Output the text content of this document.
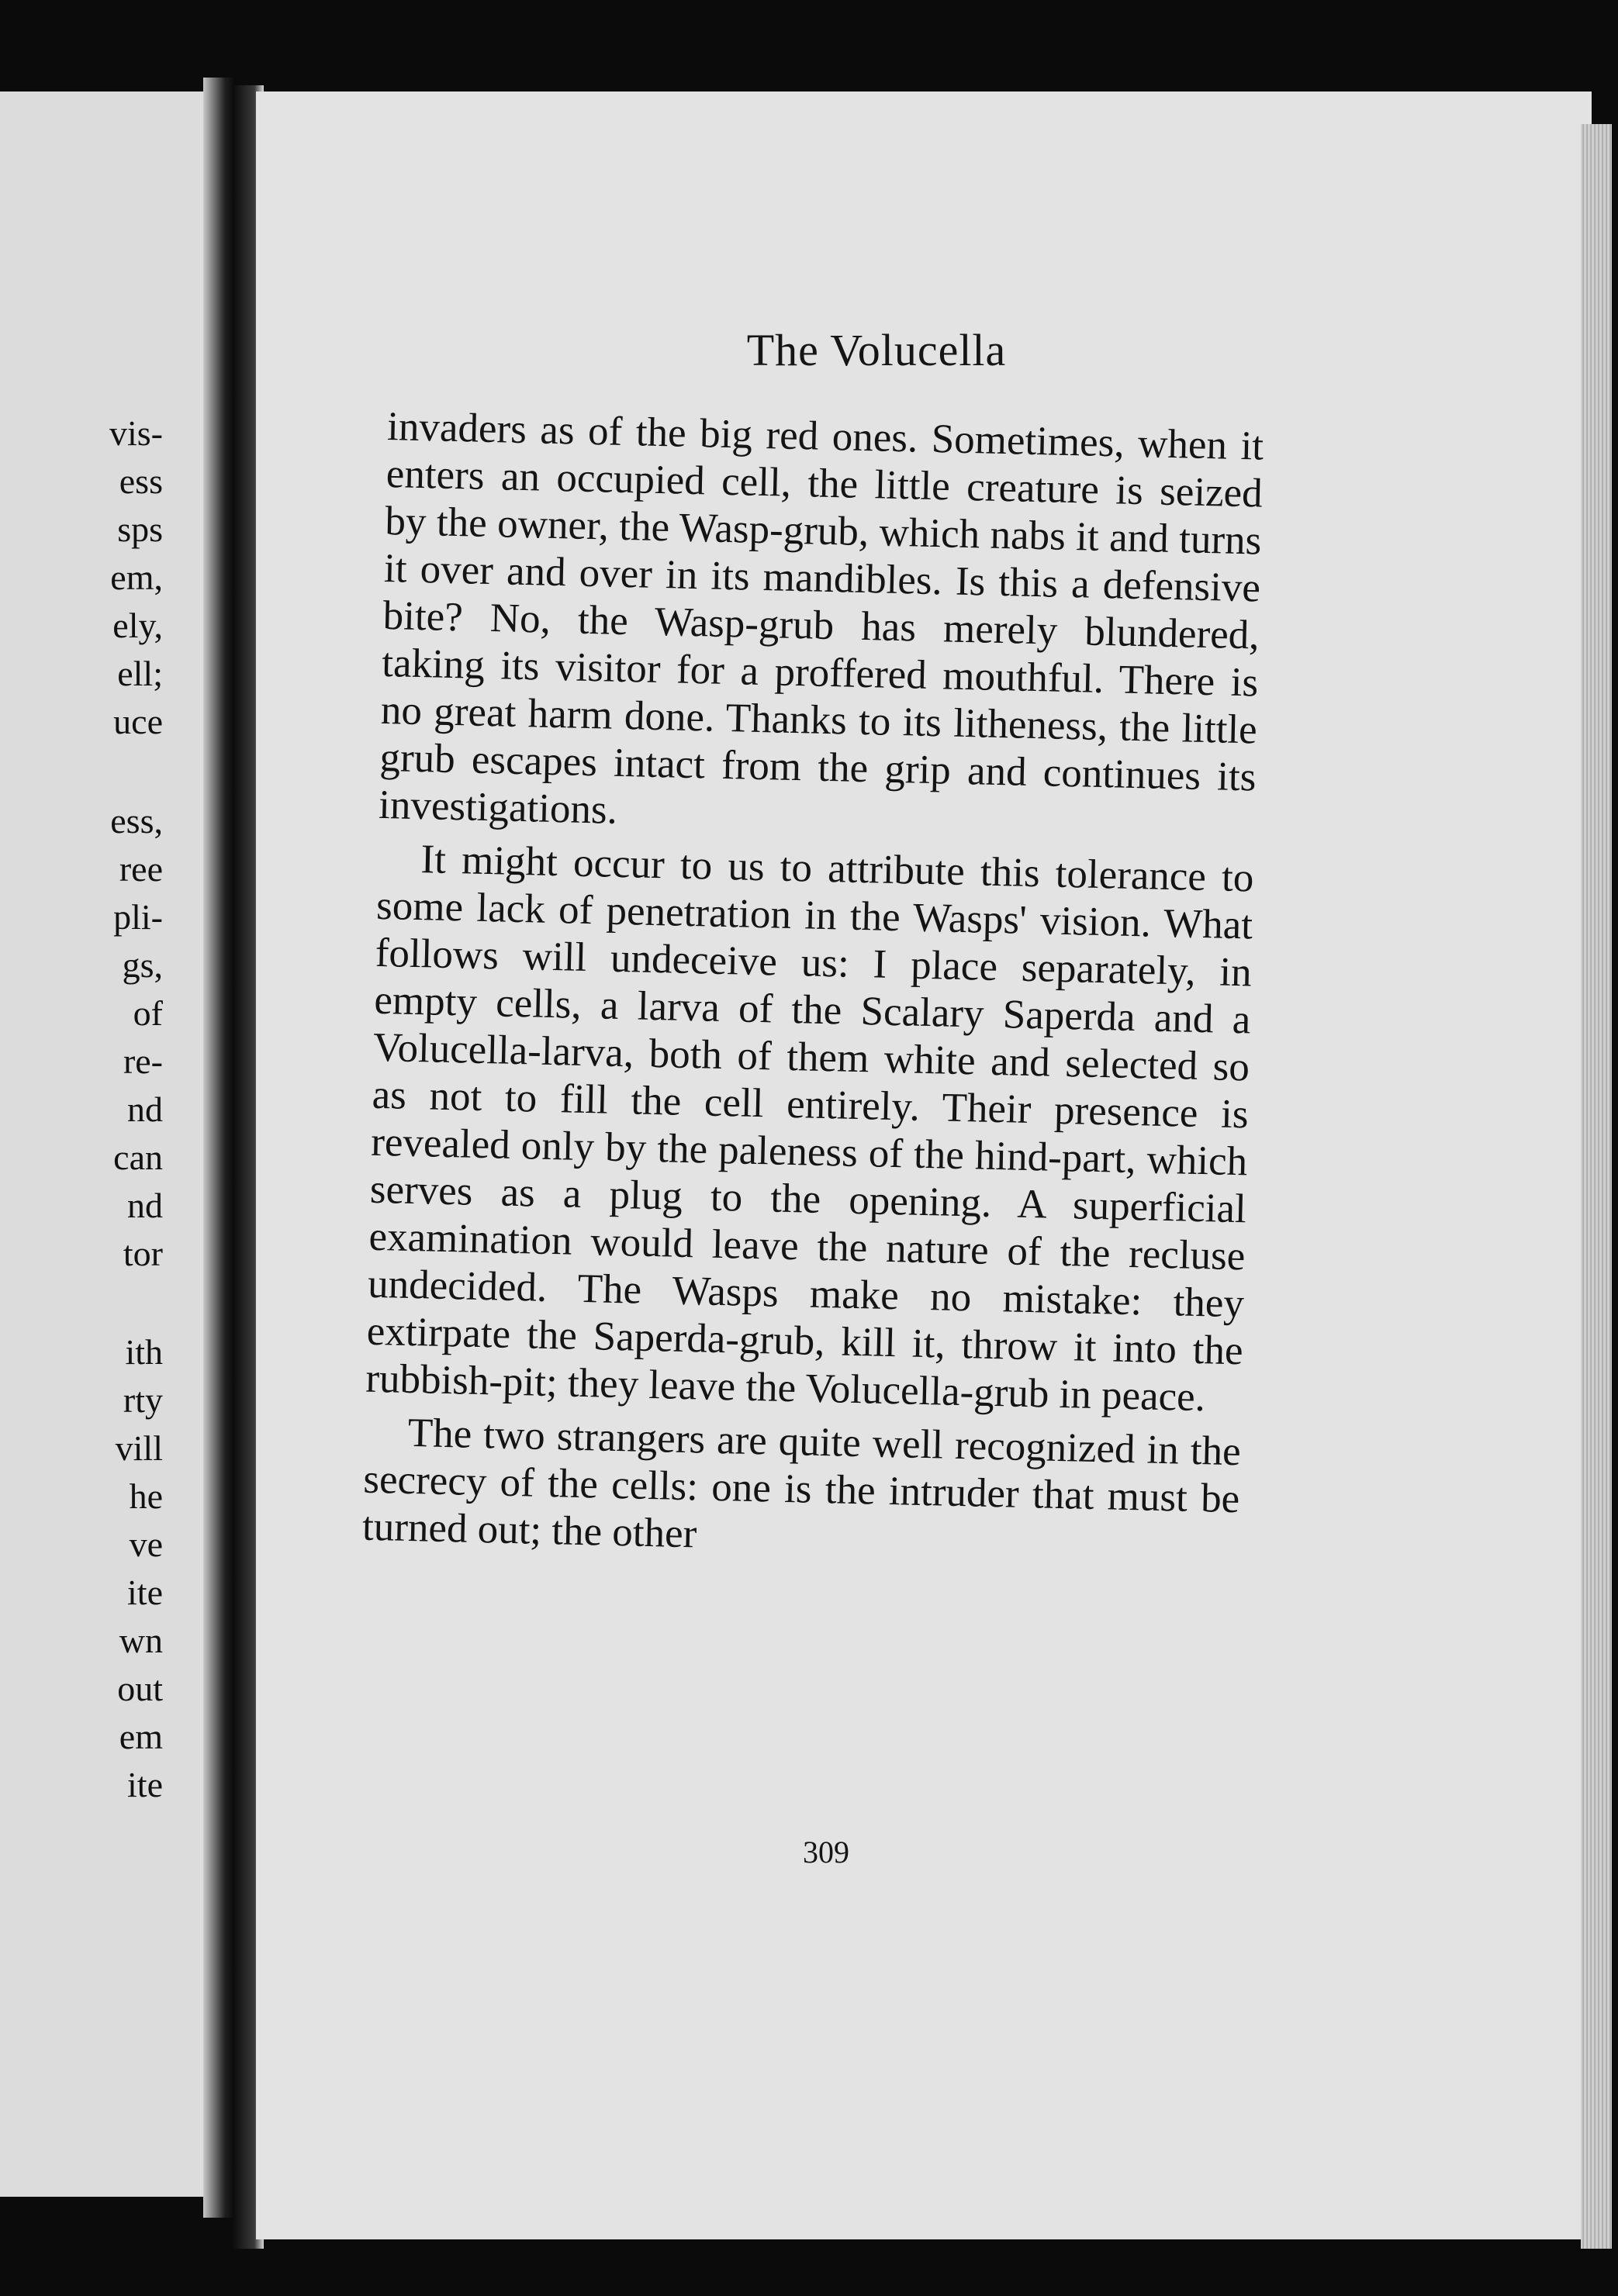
vis-
ess
sps
em,
ely,
ell;
uce
ess,
ree
pli-
gs,
of
re-
nd
can
nd
tor
ith
rty
vill
he
ve
ite
wn
out
em
ite
The Volucella

invaders as of the big red ones. Sometimes, when it enters an occupied cell, the little creature is seized by the owner, the Wasp-grub, which nabs it and turns it over and over in its mandibles. Is this a defensive bite? No, the Wasp-grub has merely blundered, taking its visitor for a proffered mouthful. There is no great harm done. Thanks to its litheness, the little grub escapes intact from the grip and continues its investigations.

It might occur to us to attribute this tolerance to some lack of penetration in the Wasps' vision. What follows will undeceive us: I place separately, in empty cells, a larva of the Scalary Saperda and a Volucella-larva, both of them white and selected so as not to fill the cell entirely. Their presence is revealed only by the paleness of the hind-part, which serves as a plug to the opening. A superficial examination would leave the nature of the recluse undecided. The Wasps make no mistake: they extirpate the Saperda-grub, kill it, throw it into the rubbish-pit; they leave the Volucella-grub in peace.

The two strangers are quite well recognized in the secrecy of the cells: one is the intruder that must be turned out; the other

309
